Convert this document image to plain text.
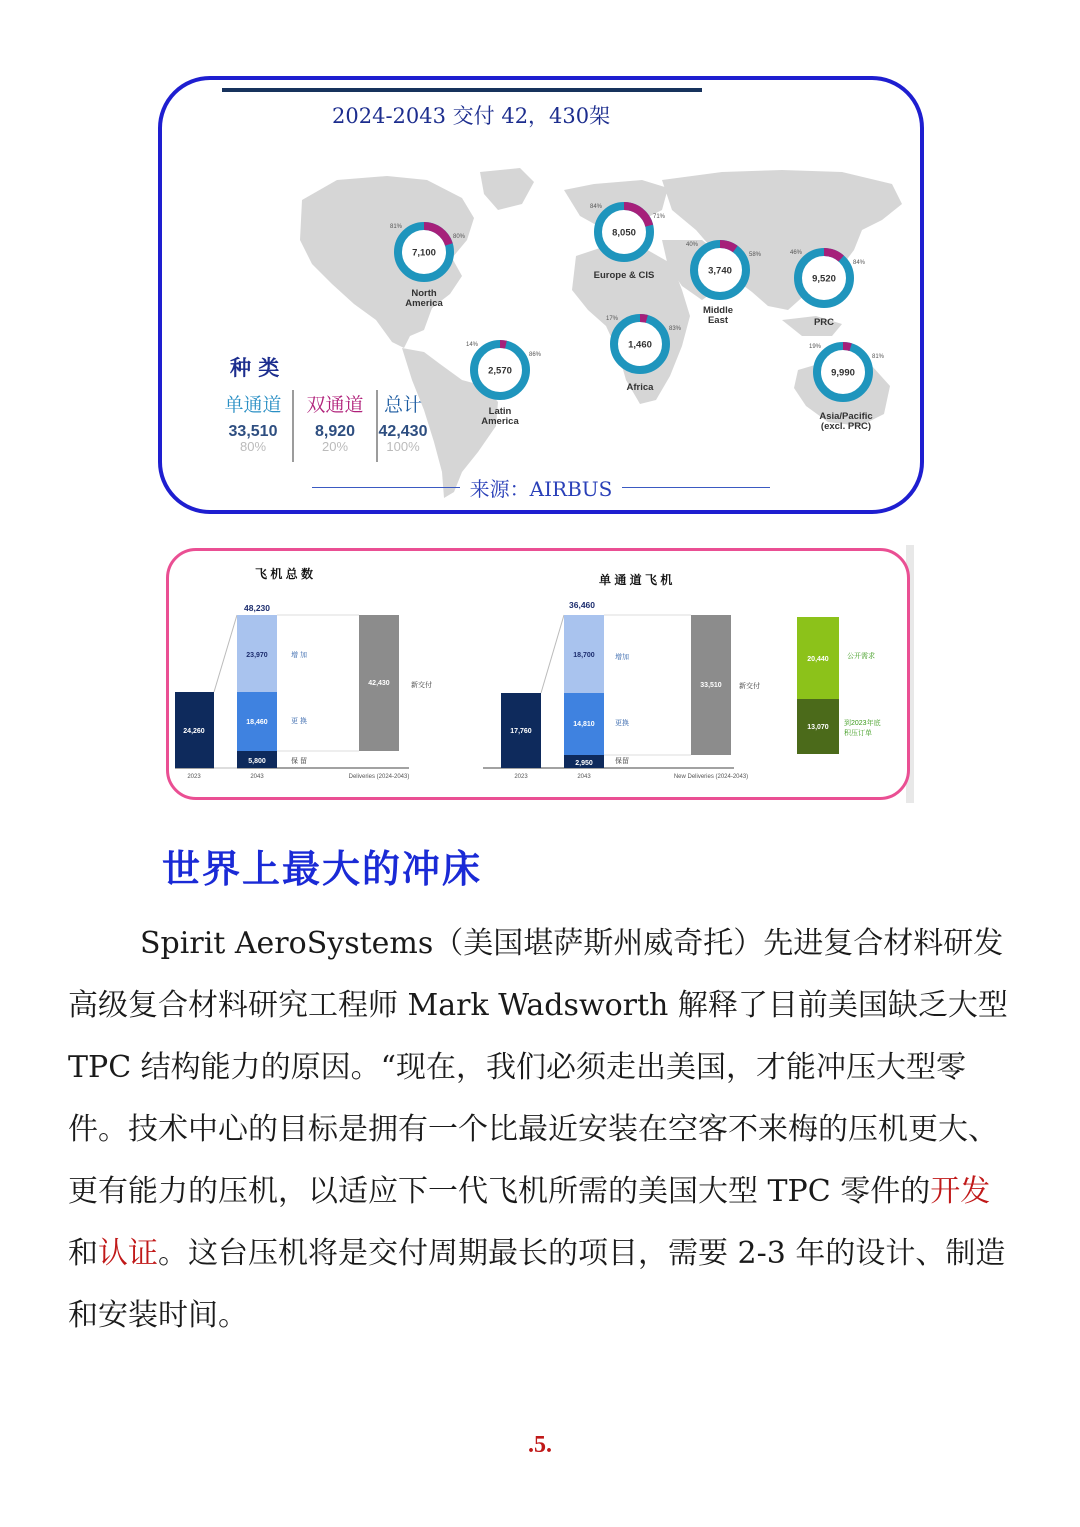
2024-2043 交付 42，430架
7,100
81%
80%
North
America
8,050
84%
71%
Europe & CIS	3,740
40%
58%
Middle
East
9,520
46%
84%
PRC
2,570
14%
86%
Latin
America
1,460
17%
83%
Africa
9,990
19%
81%
Asia/Pacific
(excl. PRC)
种 类
单通道
33,510
80%
双通道
8,920
20%
总计
42,430
100%
来源：AIRBUS
飞 机 总 数
48,230
24,260
23,970
18,460
5,800
增 加
更 换
保 留
42,430	新交付
2023	2043	Deliveries (2024-2043)
单 通 道 飞 机
36,460
17,760
18,700
14,810
2,950
增加
更换
保留
33,510 新交付
2023	2043	New Deliveries (2024-2043)
20,440	公开需求
13,070
到2023年底
积压订单
世界上最大的冲床

Spirit AeroSystems（美国堪萨斯州威奇托）先进复合材料研发高级复合材料研究工程师 Mark Wadsworth 解释了目前美国缺乏大型 TPC 结构能力的原因。“现在，我们必须走出美国，才能冲压大型零件。技术中心的目标是拥有一个比最近安装在空客不来梅的压机更大、更有能力的压机，以适应下一代飞机所需的美国大型 TPC 零件的开发和认证。这台压机将是交付周期最长的项目，需要 2-3 年的设计、制造和安装时间。

.5.
